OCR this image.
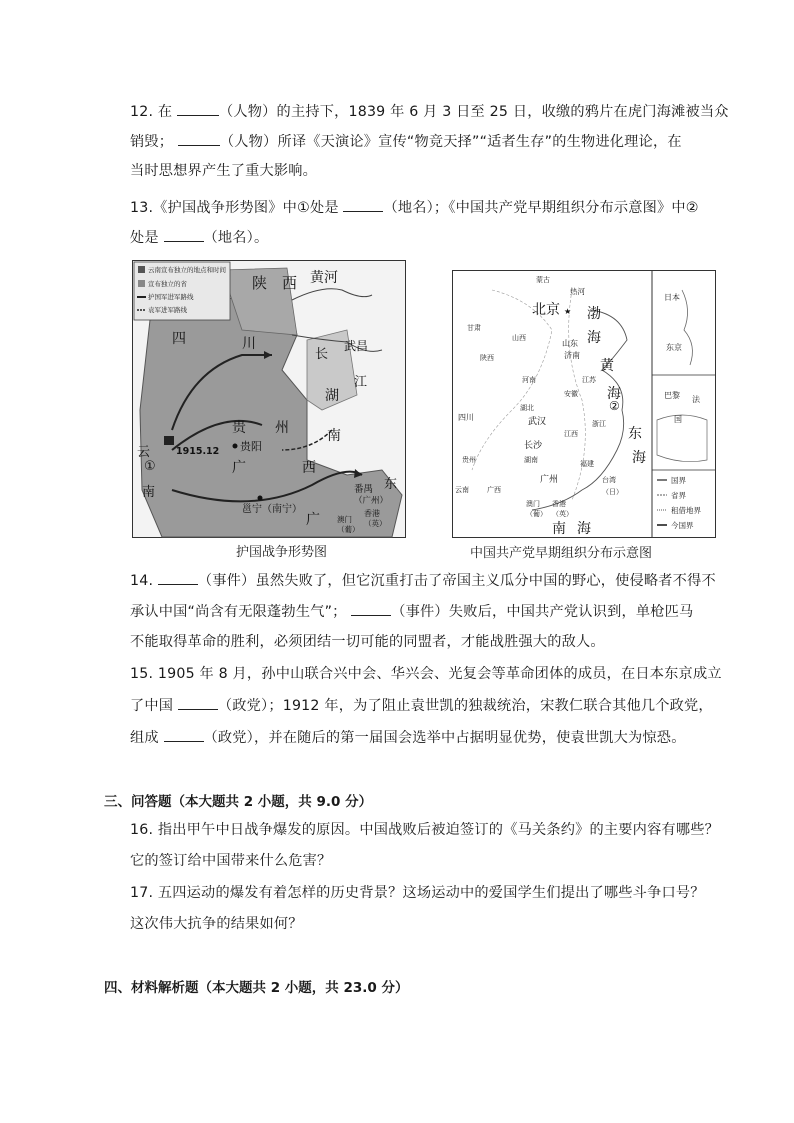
12. 在	（人物）的主持下，1839 年 6 月 3 日至 25 日，收缴的鸦片在虎门海滩被当众
销毁；	（人物）所译《天演论》宣传“物竞天择”“适者生存”的生物进化理论，在
当时思想界产生了重大影响。
13.《护国战争形势图》中①处是	（地名）；《中国共产党早期组织分布示意图》中②
处是	（地名）。
云南宣布独立的地点和时间
宣布独立的省
护国军进军路线
袁军进军路线
陕 西 黄河
四	川
长
武昌
江
湖
南
贵
贵阳
州
1915.12
云
①
南
广	西
邕宁（南宁）
广
东
番禺
（广州）
香港
（英）
澳门
（葡）
护国战争形势图
蒙古
热河
北京 ★ 渤
海
黄
海
山东
济南
②
武汉
长沙
东
海
广州
南 海
四川
贵州
云南	广西
台湾
（日）
山西
陕西
河南
湖北
湖南
江西
福建
安徽
浙江
江苏
甘肃
香港
（英）
澳门
（葡）
日本
东京
巴黎 法
国
国界
省界
租借地界
今国界
中国共产党早期组织分布示意图
14.	（事件）虽然失败了，但它沉重打击了帝国主义瓜分中国的野心，使侵略者不得不
承认中国“尚含有无限蓬勃生气”；	（事件）失败后，中国共产党认识到，单枪匹马
不能取得革命的胜利，必须团结一切可能的同盟者，才能战胜强大的敌人。
15. 1905 年 8 月，孙中山联合兴中会、华兴会、光复会等革命团体的成员，在日本东京成立
了中国	（政党）；1912 年，为了阻止袁世凯的独裁统治，宋教仁联合其他几个政党，
组成	（政党），并在随后的第一届国会选举中占据明显优势，使袁世凯大为惊恐。
三、问答题（本大题共 2 小题，共 9.0 分）
16. 指出甲午中日战争爆发的原因。中国战败后被迫签订的《马关条约》的主要内容有哪些？
它的签订给中国带来什么危害？
17. 五四运动的爆发有着怎样的历史背景？这场运动中的爱国学生们提出了哪些斗争口号？
这次伟大抗争的结果如何？
四、材料解析题（本大题共 2 小题，共 23.0 分）
